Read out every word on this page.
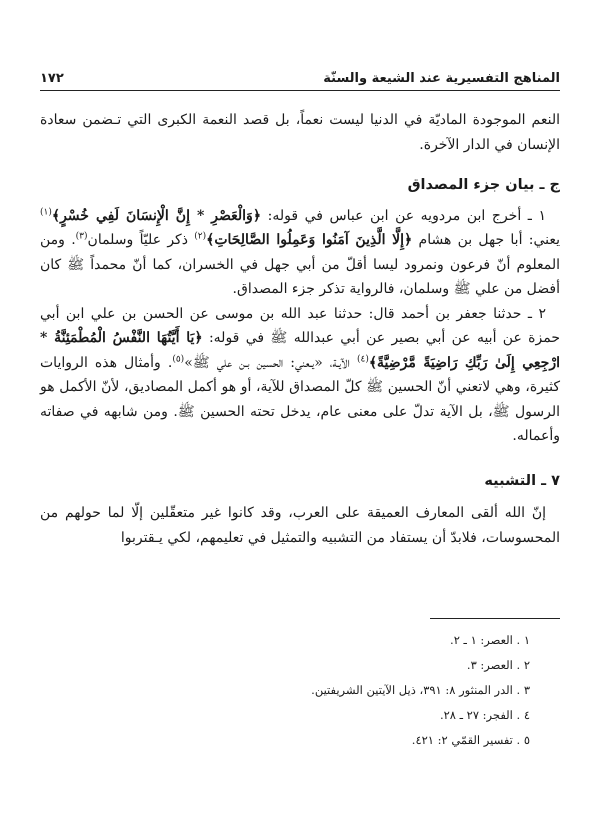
المناهج التفسيرية عند الشيعة والسنّة
١٧٢

النعم الموجودة الماديّة في الدنيا ليست نعماً، بل قصد النعمة الكبرى التي تـضمن سعادة الإنسان في الدار الآخرة.

ج ـ بيان جزء المصداق

١ ـ أخرج ابن مردويه عن ابن عباس في قوله: ﴿وَالْعَصْرِ * إِنَّ الْإِنسَانَ لَفِي خُسْرٍ﴾$^{(١)}$ يعني: أبا جهل بن هشام ﴿إِلَّا الَّذِينَ آمَنُوا وَعَمِلُوا الصَّالِحَاتِ﴾$^{(٢)}$ ذكر عليّاً وسلمان$^{(٣)}$. ومن المعلوم أنّ فرعون ونمرود ليسا أقلّ من أبي جهل في الخسران، كما أنّ محمداً ﷺ كان أفضل من علي ﷺ وسلمان، فالرواية تذكر جزء المصداق.

٢ ـ حدثنا جعفر بن أحمد قال: حدثنا عبد الله بن موسى عن الحسن بن علي ابن أبي حمزة عن أبيه عن أبي بصير عن أبي عبدالله ﷺ في قوله: ﴿يَا أَيَّتُهَا النَّفْسُ الْمُطْمَئِنَّةُ * ارْجِعِي إِلَىٰ رَبِّكِ رَاضِيَةً مَّرْضِيَّةً﴾$^{(٤)}$ الآيـة، «يـعني: الحسين بـن علي ﷺ»$^{(٥)}$. وأمثال هذه الروايات كثيرة، وهي لاتعني أنّ الحسين ﷺ كلّ المصداق للآية، أو هو أكمل المصاديق، لأنّ الأكمل هو الرسول ﷺ، بل الآية تدلّ على معنى عام، يدخل تحته الحسين ﷺ. ومن شابهه في صفاته وأعماله.

٧ ـ التشبيه

إنّ الله ألقى المعارف العميقة على العرب، وقد كانوا غير متعقّلين إلّا لما حولهم من المحسوسات، فلابدّ أن يستفاد من التشبيه والتمثيل في تعليمهم، لكي يـقتربوا

١ . العصر: ١ ـ ٢.
٢ . العصر: ٣.
٣ . الدر المنثور ٨: ٣٩١، ذيل الآيتين الشريفتين.
٤ . الفجر: ٢٧ ـ ٢٨.
٥ . تفسير القمّي ٢: ٤٢١.
